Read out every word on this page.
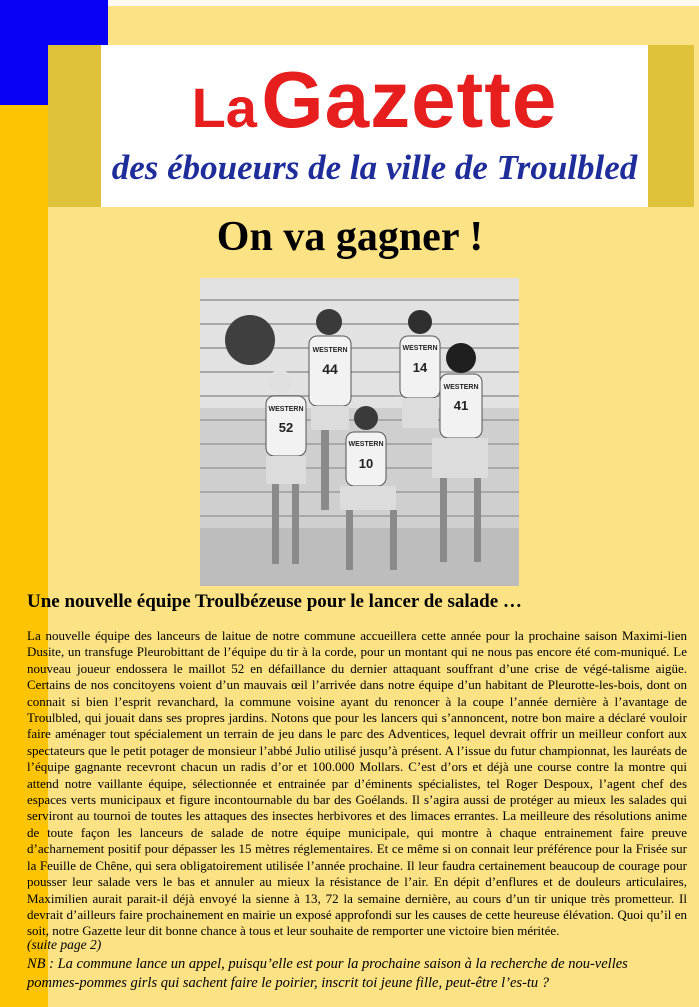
La Gazette
des éboueurs de la ville de Troulbled
On va gagner !
WESTERN
44
WESTERN
14
WESTERN
52
WESTERN
41
WESTERN
10
Une nouvelle équipe Troulbézeuse pour le lancer de salade …

La nouvelle équipe des lanceurs de laitue de notre commune accueillera cette année pour la prochaine saison Maximi-lien Dusite, un transfuge Pleurobittant de l’équipe du tir à la corde, pour un montant qui ne nous pas encore été com-muniqué. Le nouveau joueur endossera le maillot 52 en défaillance du dernier attaquant souffrant d’une crise de végé-talisme aigüe. Certains de nos concitoyens voient d’un mauvais œil l’arrivée dans notre équipe d’un habitant de Pleurotte-les-bois, dont on connait si bien l’esprit revanchard, la commune voisine ayant du renoncer à la coupe l’année dernière à l’avantage de Troulbled, qui jouait dans ses propres jardins. Notons que pour les lancers qui s’annoncent, notre bon maire a déclaré vouloir faire aménager tout spécialement un terrain de jeu dans le parc des Adventices, lequel devrait offrir un meilleur confort aux spectateurs que le petit potager de monsieur l’abbé Julio utilisé jusqu’à présent. A l’issue du futur championnat, les lauréats de l’équipe gagnante recevront chacun un radis d’or et 100.000 Mollars. C’est d’ors et déjà une course contre la montre qui attend notre vaillante équipe, sélectionnée et entrainée par d’éminents spécialistes, tel Roger Despoux, l’agent chef des espaces verts municipaux et figure incontournable du bar des Goélands. Il s’agira aussi de protéger au mieux les salades qui serviront au tournoi de toutes les attaques des insectes herbivores et des limaces errantes. La meilleure des résolutions anime de toute façon les lanceurs de salade de notre équipe municipale, qui montre à chaque entrainement faire preuve d’acharnement positif pour dépasser les 15 mètres réglementaires. Et ce même si on connait leur préférence pour la Frisée sur la Feuille de Chêne, qui sera obligatoirement utilisée l’année prochaine. Il leur faudra certainement beaucoup de courage pour pousser leur salade vers le bas et annuler au mieux la résistance de l’air. En dépit d’enflures et de douleurs articulaires, Maximilien aurait parait-il déjà envoyé la sienne à 13, 72 la semaine dernière, au cours d’un tir unique très prometteur. Il devrait d’ailleurs faire prochainement en mairie un exposé approfondi sur les causes de cette heureuse élévation. Quoi qu’il en soit, notre Gazette leur dit bonne chance à tous et leur souhaite de remporter une victoire bien méritée.

(suite page 2)

NB : La commune lance un appel, puisqu’elle est pour la prochaine saison à la recherche de nou-velles pommes-pommes girls qui sachent faire le poirier, inscrit toi jeune fille, peut-être l’es-tu ?
